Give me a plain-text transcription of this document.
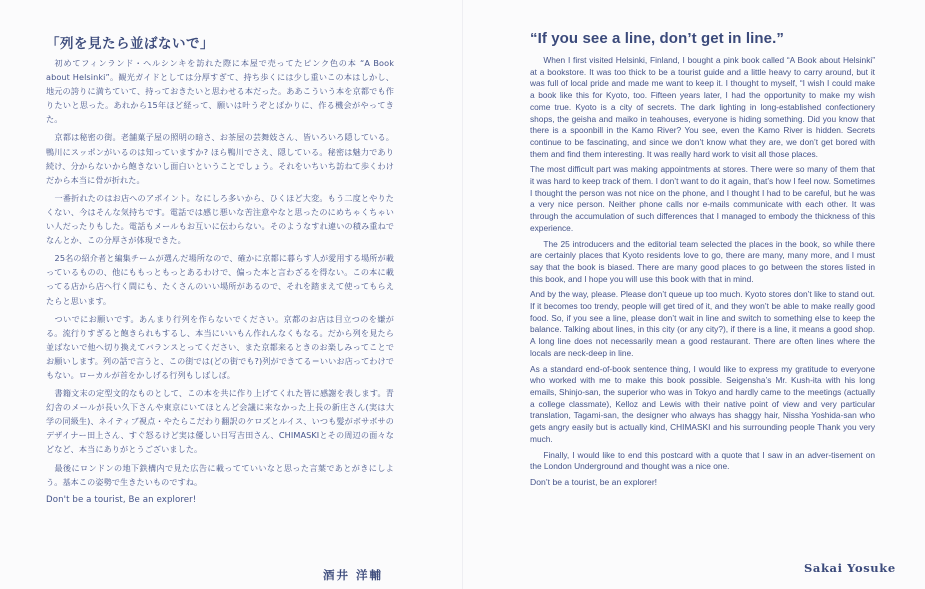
「列を見たら並ばないで」

初めてフィンランド・ヘルシンキを訪れた際に本屋で売ってたピンク色の本 “A Book about Helsinki”。観光ガイドとしては分厚すぎて、持ち歩くには少し重いこの本はしかし、地元の誇りに満ちていて、持っておきたいと思わせる本だった。ああこういう本を京都でも作りたいと思った。あれから15年ほど経って、願いは叶うぞとばかりに、作る機会がやってきた。

京都は秘密の街。老舗菓子屋の照明の暗さ、お茶屋の芸舞妓さん、皆いろいろ隠している。鴨川にスッポンがいるのは知っていますか? ほら鴨川でさえ、隠している。秘密は魅力であり続け、分からないから飽きないし面白いということでしょう。それをいちいち訪ねて歩くわけだから本当に骨が折れた。

一番折れたのはお店へのアポイント。なにしろ多いから、ひくほど大変。もう二度とやりたくない、今はそんな気持ちです。電話では感じ悪いな苦注意やなと思ったのにめちゃくちゃいい人だったりもした。電話もメールもお互いに伝わらない。そのようなすれ違いの積み重ねでなんとか、この分厚さが体現できた。

25名の紹介者と編集チームが選んだ場所なので、確かに京都に暮らす人が愛用する場所が載っているものの、他にももっともっとあるわけで、偏った本と言わざるを得ない。この本に載ってる店から店へ行く間にも、たくさんのいい場所があるので、それを踏まえて使ってもらえたらと思います。

ついでにお願いです。あんまり行列を作らないでください。京都のお店は目立つのを嫌がる。流行りすぎると飽きられもするし、本当にいいもん作れんなくもなる。だから列を見たら並ばないで他へ切り換えてバランスとってください、また京都来るときのお楽しみってことでお願いします。列の話で言うと、この街では(どの街でも?)列ができてる＝いいお店ってわけでもない。ローカルが首をかしげる行列もしばしば。

書籍文末の定型文的なものとして、この本を共に作り上げてくれた皆に感謝を表します。青幻舎のメールが長い久下さんや東京にいてほとんど会議に来なかった上長の新庄さん(実は大学の同級生)、ネイティブ視点・やたらこだわり翻訳のケロズとルイス、いつも髪がボサボサのデザイナー田上さん、すぐ怒るけど実は優しい日写吉田さん、CHIMASKIとその周辺の面々などなど、本当にありがとうございました。

最後にロンドンの地下鉄構内で見た広告に載ってていいなと思った言葉であとがきにしよう。基本この姿勢で生きたいものですね。

Don't be a tourist, Be an explorer!

酒井 洋輔
“If you see a line, don’t get in line.”

When I first visited Helsinki, Finland, I bought a pink book called “A Book about Helsinki” at a bookstore. It was too thick to be a tourist guide and a little heavy to carry around, but it was full of local pride and made me want to keep it. I thought to myself, “I wish I could make a book like this for Kyoto, too. Fifteen years later, I had the opportunity to make my wish come true. Kyoto is a city of secrets. The dark lighting in long-established confectionery shops, the geisha and maiko in teahouses, everyone is hiding something. Did you know that there is a spoonbill in the Kamo River? You see, even the Kamo River is hidden. Secrets continue to be fascinating, and since we don’t know what they are, we don’t get bored with them and find them interesting. It was really hard work to visit all those places.

The most difficult part was making appointments at stores. There were so many of them that it was hard to keep track of them. I don’t want to do it again, that’s how I feel now. Sometimes I thought the person was not nice on the phone, and I thought I had to be careful, but he was a very nice person. Neither phone calls nor e-mails communicate with each other. It was through the accumulation of such differences that I managed to embody the thickness of this experience.

The 25 introducers and the editorial team selected the places in the book, so while there are certainly places that Kyoto residents love to go, there are many, many more, and I must say that the book is biased. There are many good places to go between the stores listed in this book, and I hope you will use this book with that in mind.

And by the way, please. Please don’t queue up too much. Kyoto stores don’t like to stand out. If it becomes too trendy, people will get tired of it, and they won’t be able to make really good food. So, if you see a line, please don’t wait in line and switch to something else to keep the balance. Talking about lines, in this city (or any city?), if there is a line, it means a good shop. A long line does not necessarily mean a good restaurant. There are often lines where the locals are neck-deep in line.

As a standard end-of-book sentence thing, I would like to express my gratitude to everyone who worked with me to make this book possible. Seigensha’s Mr. Kush-ita with his long emails, Shinjo-san, the superior who was in Tokyo and hardly came to the meetings (actually a college classmate), Kelloz and Lewis with their native point of view and very particular translation, Tagami-san, the designer who always has shaggy hair, Nissha Yoshida-san who gets angry easily but is actually kind, CHIMASKI and his surrounding people Thank you very much.

Finally, I would like to end this postcard with a quote that I saw in an adver-tisement on the London Underground and thought was a nice one.

Don’t be a tourist, be an explorer!

Sakai Yosuke
